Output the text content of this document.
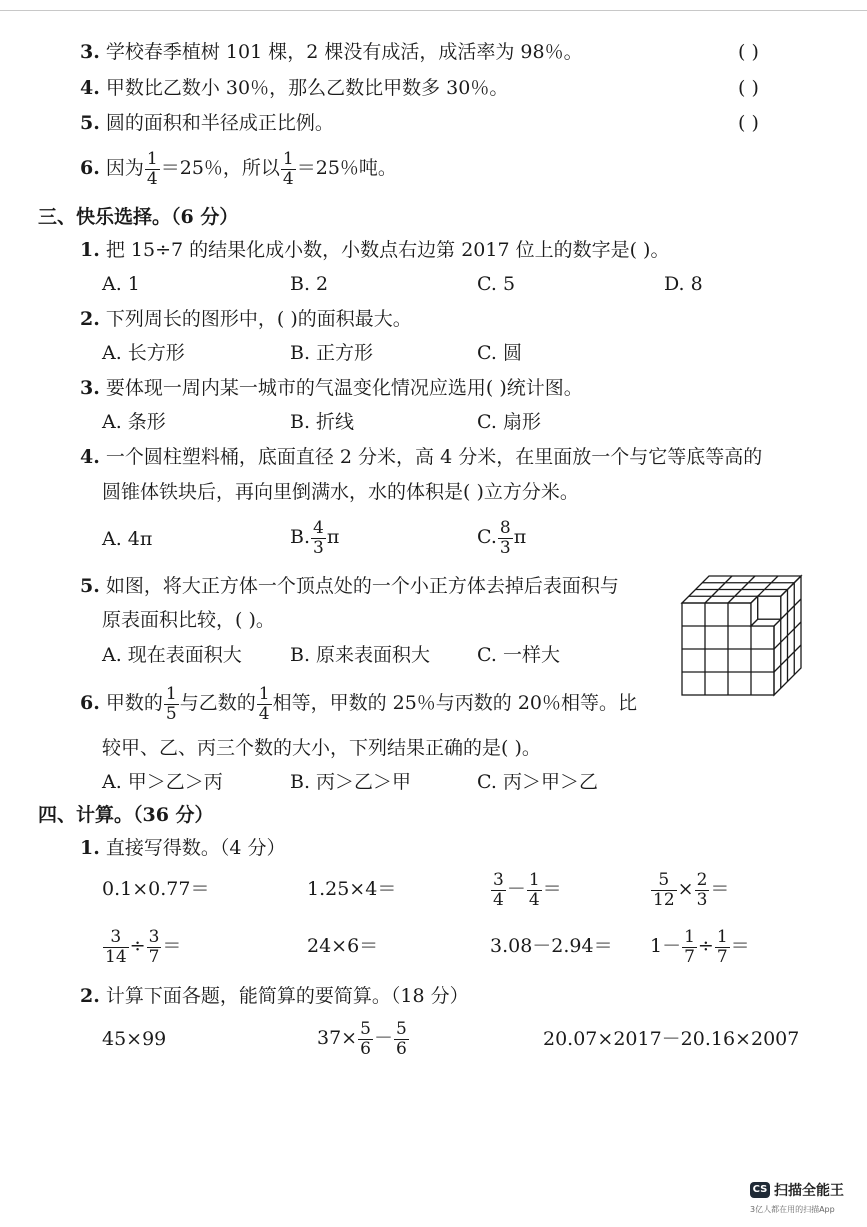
3. 学校春季植树 101 棵，2 棵没有成活，成活率为 98％。	( )
4. 甲数比乙数小 30％，那么乙数比甲数多 30％。	( )
5. 圆的面积和半径成正比例。	( )
6. 因为 $\frac{1}{4} =25$％，所以 $\frac{1}{4} =25$％吨。
三、快乐选择。（6 分）
1. 把 15÷7 的结果化成小数，小数点右边第 2017 位上的数字是( )。
A. 1	B. 2	C. 5	D. 8
2. 下列周长的图形中，( )的面积最大。
A. 长方形	B. 正方形	C. 圆
3. 要体现一周内某一城市的气温变化情况应选用( )统计图。
A. 条形	B. 折线	C. 扇形
4. 一个圆柱塑料桶，底面直径 2 分米，高 4 分米，在里面放一个与它等底等高的
圆锥体铁块后，再向里倒满水，水的体积是( )立方分米。
A. 4π	B. $\frac{4}{3}$ π	C. $\frac{8}{3}$ π
5. 如图，将大正方体一个顶点处的一个小正方体去掉后表面积与
原表面积比较，( )。
A. 现在表面积大	B. 原来表面积大 C. 一样大
6. 甲数的 $\frac{1}{5}$ 与乙数的 $\frac{1}{4}$ 相等，甲数的 25％与丙数的 20％相等。比
较甲、乙、丙三个数的大小，下列结果正确的是( )。
A. 甲＞乙＞丙	B. 丙＞乙＞甲	C. 丙＞甲＞乙
四、计算。（36 分）
1. 直接写得数。（4 分）
0.1×0.77＝	1.25×4＝	$\frac{3}{4} - \frac{1}{4}$ ＝	$\frac{5}{12} \times \frac{2}{3}$ ＝
$\frac{3}{14} \div \frac{3}{7}$ ＝	24×6＝	$3.08-2.94= 1- \frac{1}{7} \div \frac{1}{7}$ ＝
2. 计算下面各题，能简算的要简算。（18 分）
45×99	$37\times \frac{5}{6} - \frac{5}{6}$	20.07×2017－20.16×2007
CS 扫描全能王
3亿人都在用的扫描App
